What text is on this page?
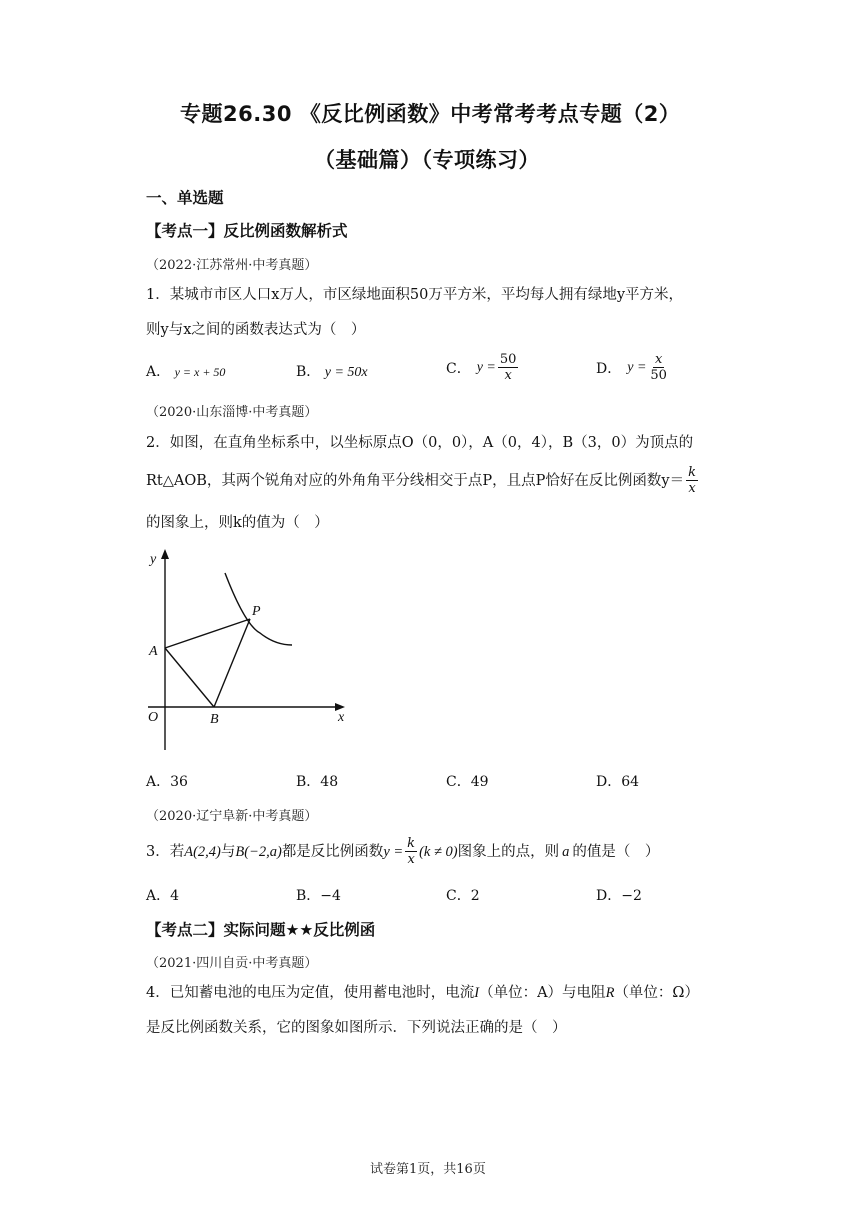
专题26.30 《反比例函数》中考常考考点专题（2）
（基础篇）（专项练习）
一、单选题
【考点一】反比例函数解析式
（2022·江苏常州·中考真题）
1．某城市市区人口x万人，市区绿地面积50万平方米，平均每人拥有绿地y平方米，
则y与x之间的函数表达式为（　）
A． y = x + 50	B． y = 50x	C． $y = \frac{50}{x}$	D． $y = \frac{x}{50}$
（2020·山东淄博·中考真题）
2．如图，在直角坐标系中，以坐标原点O（0，0），A（0，4），B（3，0）为顶点的
Rt△AOB，其两个锐角对应的外角角平分线相交于点P，且点P恰好在反比例函数$y= \frac{k}{x}$
的图象上，则k的值为（　）
y
x
O
A
B
P
A．36	B．48	C．49	D．64
（2020·辽宁阜新·中考真题）
3．若 A(2,4) 与 B(−2,a) 都是反比例函数 $y = \frac{k}{x} (k \ne 0)$ 图象上的点，则 a 的值是（　）
A．4	B．−4	C．2	D．−2
【考点二】实际问题★★反比例函
（2021·四川自贡·中考真题）
4．已知蓄电池的电压为定值，使用蓄电池时，电流I（单位：A）与电阻R（单位：Ω）
是反比例函数关系，它的图象如图所示．下列说法正确的是（　）
试卷第1页，共16页
